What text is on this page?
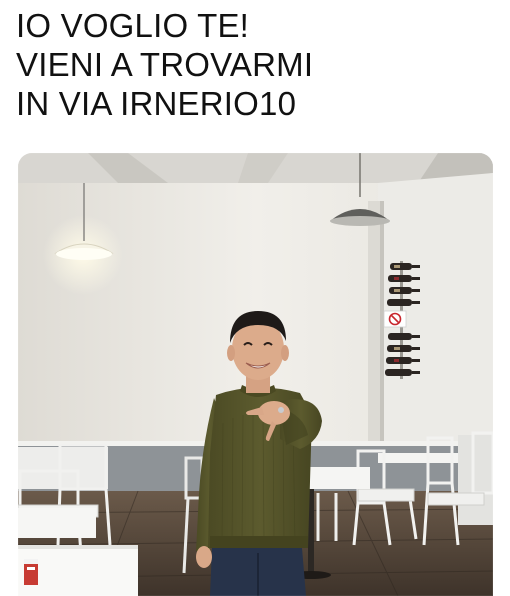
IO VOGLIO TE!
VIENI A TROVARMI
IN VIA IRNERIO10
